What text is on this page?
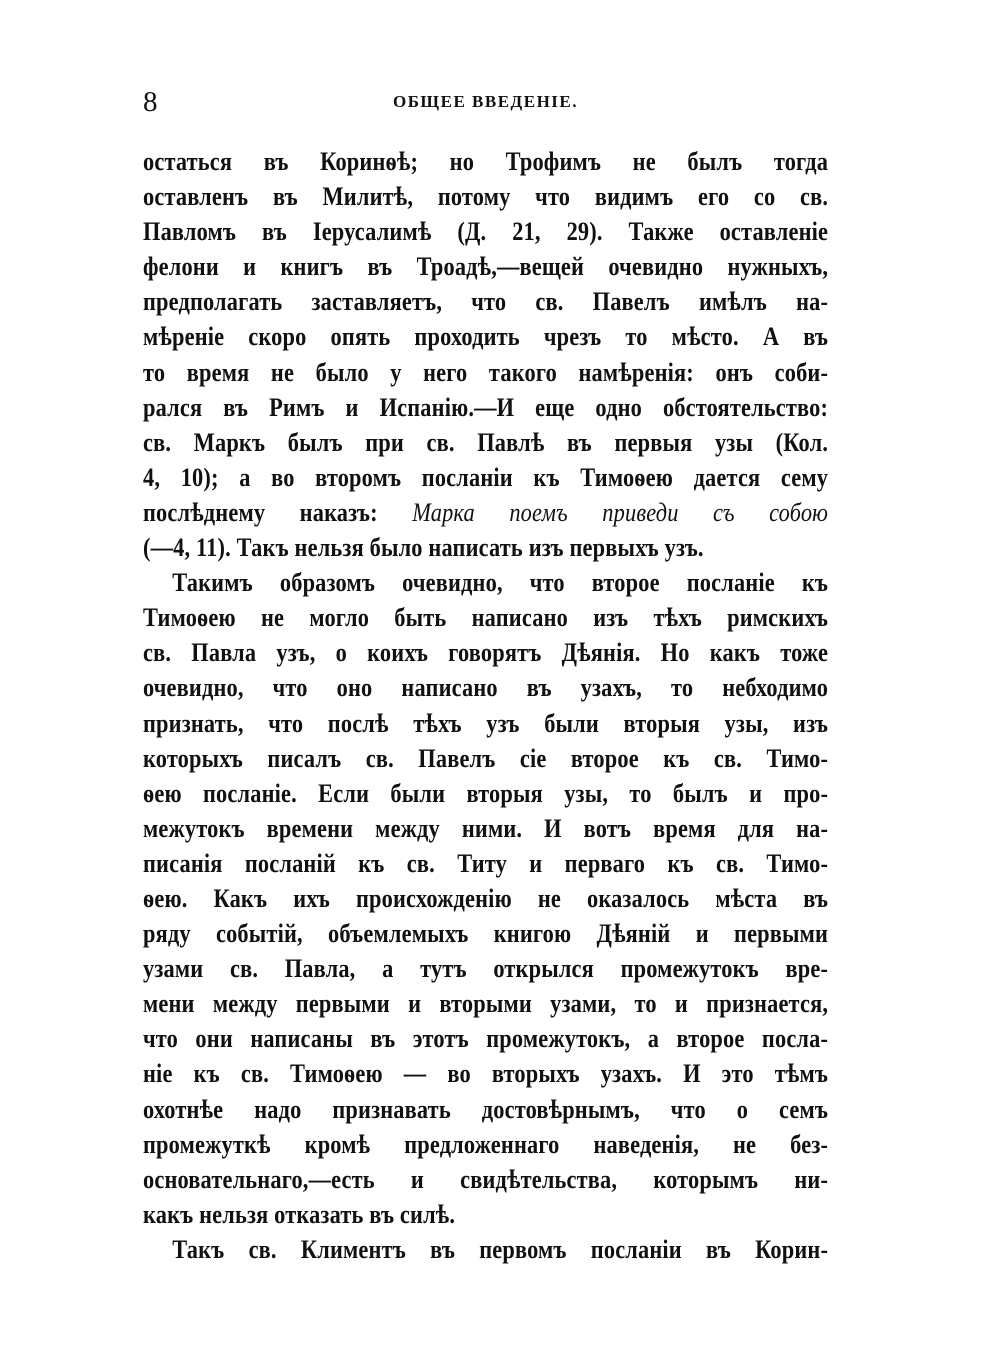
8	ОБЩЕЕ ВВЕДЕНІЕ.
остаться въ Коринѳѣ; но Трофимъ не былъ тогда
оставленъ въ Милитѣ, потому что видимъ его со св.
Павломъ въ Іерусалимѣ (Д. 21, 29). Также оставленіе
фелони и книгъ въ Троадѣ,—вещей очевидно нужныхъ,
предполагать заставляетъ, что св. Павелъ имѣлъ на-
мѣреніе скоро опять проходить чрезъ то мѣсто. А въ
то время не было у него такого намѣренія: онъ соби-
рался въ Римъ и Испанію.—И еще одно обстоятельство:
св. Маркъ былъ при св. Павлѣ въ первыя узы (Кол.
4, 10); а во второмъ посланіи къ Тимоѳею дается сему
послѣднему наказъ: Марка поемъ приведи съ собою
(—4, 11). Такъ нельзя было написать изъ первыхъ узъ.
Такимъ образомъ очевидно, что второе посланіе къ
Тимоѳею не могло быть написано изъ тѣхъ римскихъ
св. Павла узъ, о коихъ говорятъ Дѣянія. Но какъ тоже
очевидно, что оно написано въ узахъ, то небходимо
признать, что послѣ тѣхъ узъ были вторыя узы, изъ
которыхъ писалъ св. Павелъ сіе второе къ св. Тимо-
ѳею посланіе. Если были вторыя узы, то былъ и про-
межутокъ времени между ними. И вотъ время для на-
писанія посланій къ св. Титу и перваго къ св. Тимо-
ѳею. Какъ ихъ происхожденію не оказалось мѣста въ
ряду событій, объемлемыхъ книгою Дѣяній и первыми
узами св. Павла, а тутъ открылся промежутокъ вре-
мени между первыми и вторыми узами, то и признается,
что они написаны въ этотъ промежутокъ, а второе посла-
ніе къ св. Тимоѳею — во вторыхъ узахъ. И это тѣмъ
охотнѣе надо признавать достовѣрнымъ, что о семъ
промежуткѣ кромѣ предложеннаго наведенія, не без-
основательнаго,—есть и свидѣтельства, которымъ ни-
какъ нельзя отказать въ силѣ.
Такъ св. Климентъ въ первомъ посланіи въ Корин-
